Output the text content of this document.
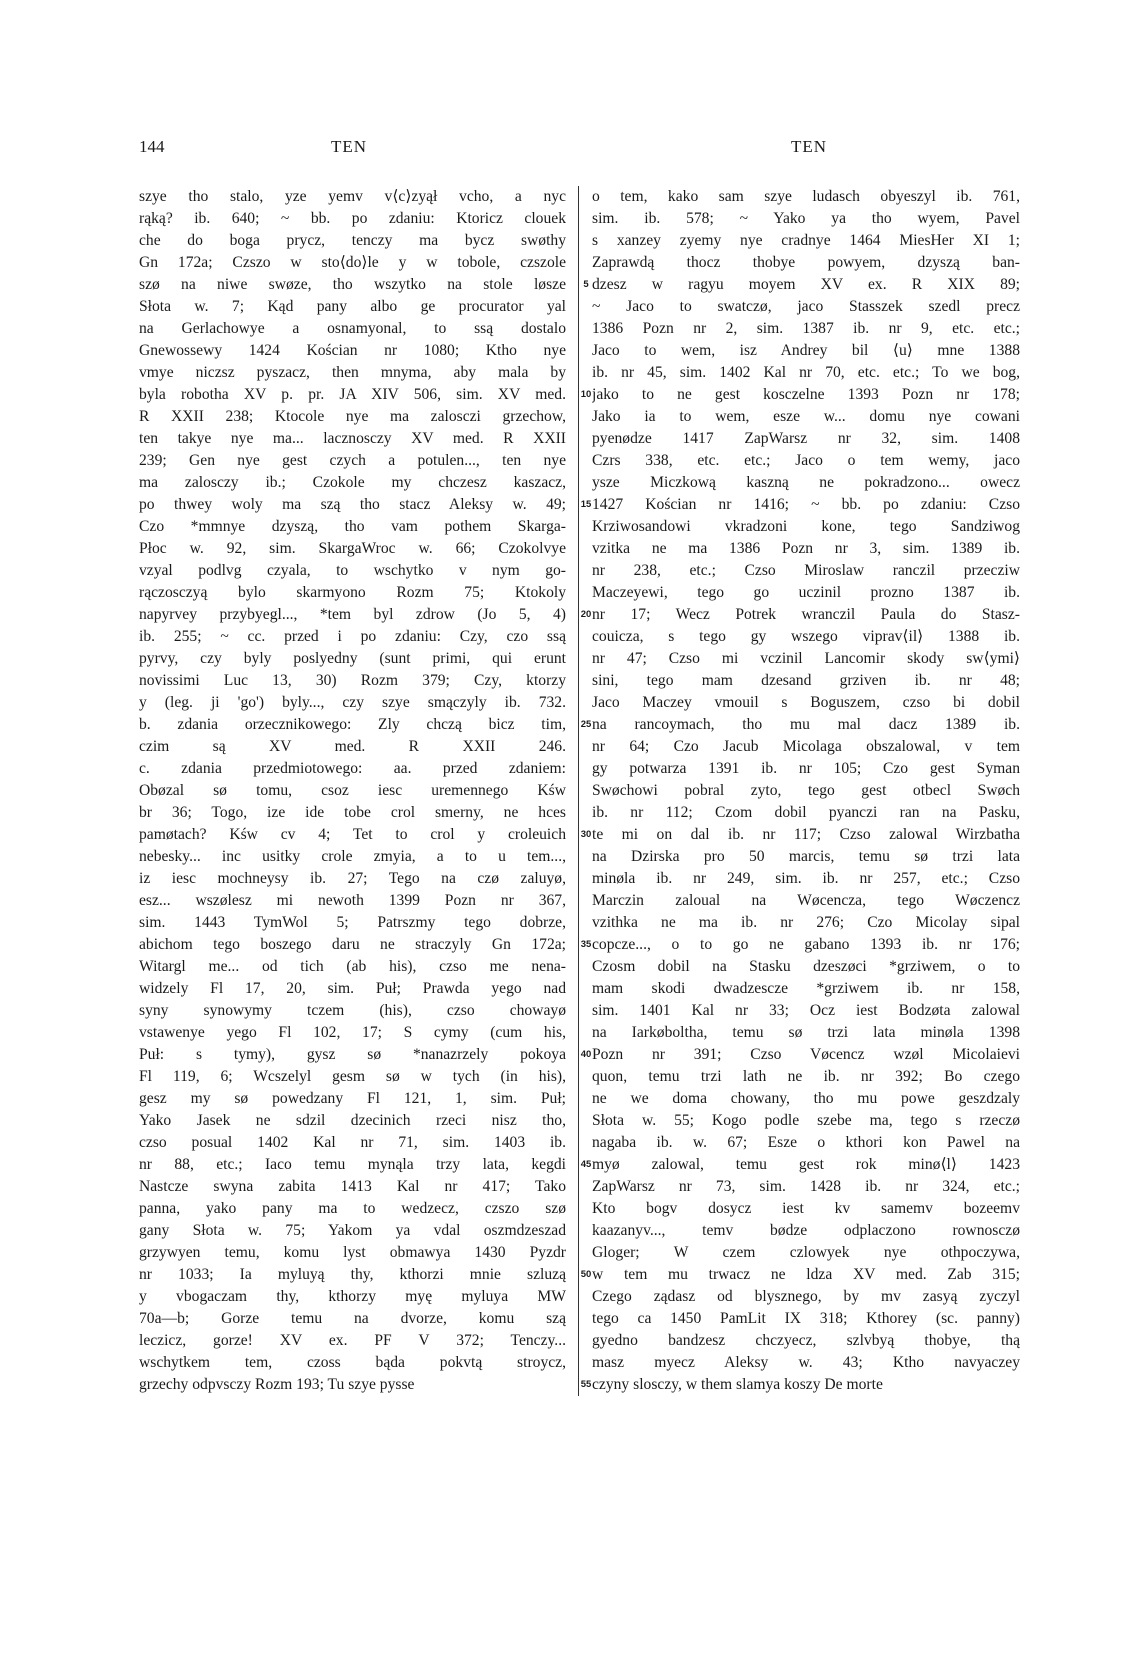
144	TEN	TEN
szye tho stalo, yze yemv v⟨c⟩zyął vcho, a nyc
rąką? ib. 640; ~ bb. po zdaniu: Ktoricz clouek
che do boga prycz, tenczy ma bycz swøthy
Gn 172a; Czszo w sto⟨do⟩le y w tobole, czszole
szø na niwe swøze, tho wszytko na stole løsze
Słota w. 7; Kąd pany albo ge procurator yal
na Gerlachowye a osnamyonal, to ssą dostalo
Gnewossewy 1424 Kościan nr 1080; Ktho nye
vmye niczsz pyszacz, then mnyma, aby mala by
byla robotha XV p. pr. JA XIV 506, sim. XV med.
R XXII 238; Ktocole nye ma zalosczi grzechow,
ten takye nye ma... lacznosczy XV med. R XXII
239; Gen nye gest czych a potulen..., ten nye
ma zalosczy ib.; Czokole my chczesz kaszacz,
po thwey woly ma szą tho stacz Aleksy w. 49;
Czo *mmnye dzyszą, tho vam pothem Skarga-
Płoc w. 92, sim. SkargaWroc w. 66; Czokolvye
vzyal podlvg czyala, to wschytko v nym go-
rączosczyą bylo skarmyono Rozm 75; Ktokoly
napyrvey przybyegl..., *tem byl zdrow (Jo 5, 4)
ib. 255; ~ cc. przed i po zdaniu: Czy, czo ssą
pyrvy, czy byly poslyedny (sunt primi, qui erunt
novissimi Luc 13, 30) Rozm 379; Czy, ktorzy
y (leg. ji 'go') byly..., czy szye smączyly ib. 732.
b. zdania orzecznikowego: Zly chczą bicz tim,
czim są XV med. R XXII 246.
c. zdania przedmiotowego: aa. przed zdaniem:
Obøzal sø tomu, csoz iesc uremennego Kśw
br 36; Togo, ize ide tobe crol smerny, ne hces
pamøtach? Kśw cv 4; Tet to crol y croleuich
nebesky... inc usitky crole zmyia, a to u tem...,
iz iesc mochneysy ib. 27; Tego na czø zaluyø,
esz... wszølesz mi newoth 1399 Pozn nr 367,
sim. 1443 TymWol 5; Patrszmy tego dobrze,
abichom tego boszego daru ne straczyly Gn 172a;
Witargl me... od tich (ab his), czso me nena-
widzely Fl 17, 20, sim. Puł; Prawda yego nad
syny synowymy tczem (his), czso chowayø
vstawenye yego Fl 102, 17; S cymy (cum his,
Puł: s tymy), gysz sø *nanazrzely pokoya
Fl 119, 6; Wcszelyl gesm sø w tych (in his),
gesz my sø powedzany Fl 121, 1, sim. Puł;
Yako Jasek ne sdzil dzecinich rzeci nisz tho,
czso posual 1402 Kal nr 71, sim. 1403 ib.
nr 88, etc.; Iaco temu mynąla trzy lata, kegdi
Nastcze swyna zabita 1413 Kal nr 417; Tako
panna, yako pany ma to wedzecz, czszo szø
gany Słota w. 75; Yakom ya vdal oszmdzeszad
grzywyen temu, komu lyst obmawya 1430 Pyzdr
nr 1033; Ia myluyą thy, kthorzi mnie szluzą
y vbogaczam thy, kthorzy myę myluya MW
70a—b; Gorze temu na dvorze, komu szą
leczicz, gorze! XV ex. PF V 372; Tenczy...
wschytkem tem, czoss bąda pokvtą stroycz,
grzechy odpvsczy Rozm 193; Tu szye pysse
5
10
15
20
25
30
35
40
45
50
55
o tem, kako sam szye ludasch obyeszyl ib. 761,
sim. ib. 578; ~ Yako ya tho wyem, Pavel
s xanzey zyemy nye cradnye 1464 MiesHer XI 1;
Zaprawdą thocz thobye powyem, dzyszą ban-
dzesz w ragyu moyem XV ex. R XIX 89;
~ Jaco to swatczø, jaco Stasszek szedl precz
1386 Pozn nr 2, sim. 1387 ib. nr 9, etc. etc.;
Jaco to wem, isz Andrey bil ⟨u⟩ mne 1388
ib. nr 45, sim. 1402 Kal nr 70, etc. etc.; To we bog,
jako to ne gest kosczelne 1393 Pozn nr 178;
Jako ia to wem, esze w... domu nye cowani
pyenødze 1417 ZapWarsz nr 32, sim. 1408
Czrs 338, etc. etc.; Jaco o tem wemy, jaco
ysze Miczkową kaszną ne pokradzono... owecz
1427 Kościan nr 1416; ~ bb. po zdaniu: Czso
Krziwosandowi vkradzoni kone, tego Sandziwog
vzitka ne ma 1386 Pozn nr 3, sim. 1389 ib.
nr 238, etc.; Czso Miroslaw ranczil przecziw
Maczeyewi, tego go uczinil prozno 1387 ib.
nr 17; Wecz Potrek wranczil Paula do Stasz-
couicza, s tego gy wszego viprav⟨il⟩ 1388 ib.
nr 47; Czso mi vczinil Lancomir skody sw⟨ymi⟩
sini, tego mam dzesand grziven ib. nr 48;
Jaco Maczey vmouil s Boguszem, czso bi dobil
na rancoymach, tho mu mal dacz 1389 ib.
nr 64; Czo Jacub Micolaga obszalowal, v tem
gy potwarza 1391 ib. nr 105; Czo gest Syman
Swøchowi pobral zyto, tego gest otbecl Swøch
ib. nr 112; Czom dobil pyanczi ran na Pasku,
te mi on dal ib. nr 117; Czso zalowal Wirzbatha
na Dzirska pro 50 marcis, temu sø trzi lata
minøla ib. nr 249, sim. ib. nr 257, etc.; Czso
Marczin zaloual na Wøcencza, tego Wøczencz
vzithka ne ma ib. nr 276; Czo Micolay sipal
copcze..., o to go ne gabano 1393 ib. nr 176;
Czosm dobil na Stasku dzeszøci *grziwem, o to
mam skodi dwadzescze *grziwem ib. nr 158,
sim. 1401 Kal nr 33; Ocz iest Bodzøta zalowal
na Iarkøboltha, temu sø trzi lata minøla 1398
Pozn nr 391; Czso Vøcencz wzøl Micolaievi
quon, temu trzi lath ne ib. nr 392; Bo czego
ne we doma chowany, tho mu powe geszdzaly
Słota w. 55; Kogo podle szebe ma, tego s rzeczø
nagaba ib. w. 67; Esze o kthori kon Pawel na
myø zalowal, temu gest rok minø⟨l⟩ 1423
ZapWarsz nr 73, sim. 1428 ib. nr 324, etc.;
Kto bogv dosycz iest kv samemv bozeemv
kaazanyv..., temv bødze odplaczono rownosczø
Gloger; W czem czlowyek nye othpoczywa,
w tem mu trwacz ne ldza XV med. Zab 315;
Czego ządasz od blysznego, by mv zasyą zyczyl
tego ca 1450 PamLit IX 318; Kthorey (sc. panny)
gyedno bandzesz chczyecz, szlvbyą thobye, thą
masz myecz Aleksy w. 43; Ktho navyaczey
czyny slosczy, w them slamya koszy De morte
